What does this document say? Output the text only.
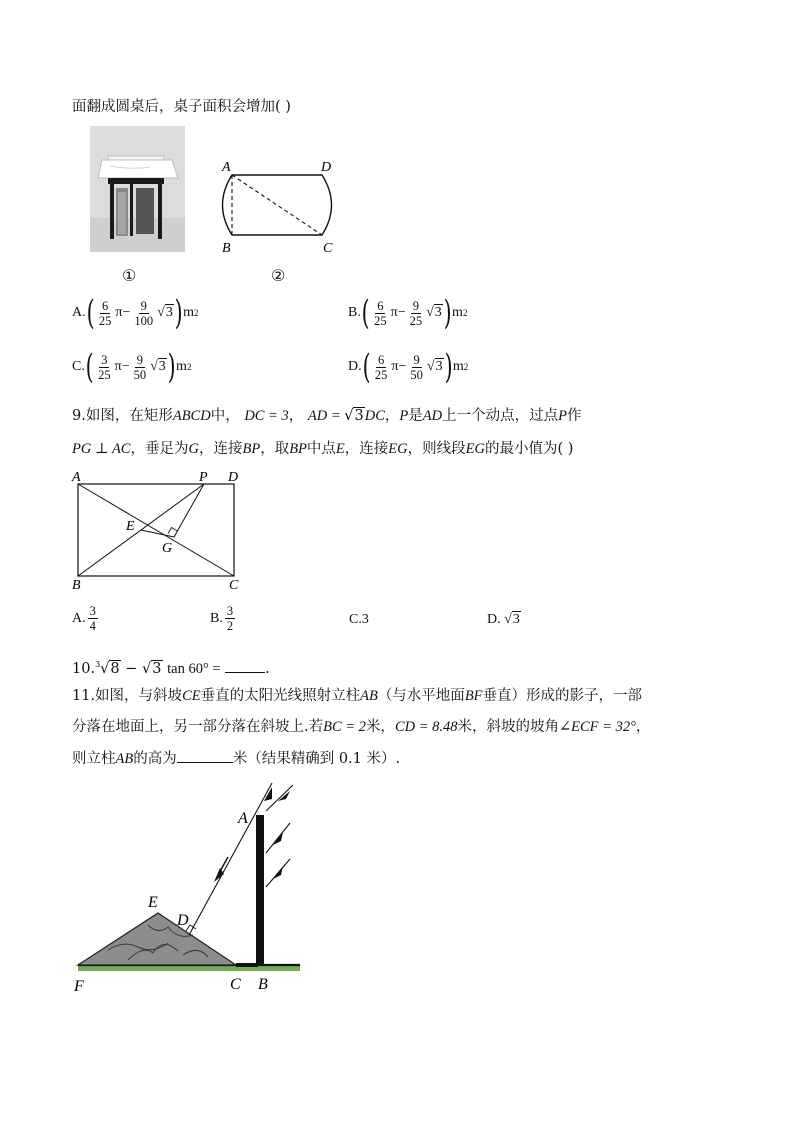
面翻成圆桌后，桌子面积会增加( )
A	D
B	C
①	②
A. ( $\frac{6}{25}$ $\pi - \frac{9}{100} √3$ ) m 2	B. ( $\frac{6}{25}$ $\pi - \frac{9}{25} √3$ ) m 2
C. ( $\frac{3}{25}$ $\pi - \frac{9}{50} √3$ ) m 2	D. ( $\frac{6}{25}$ $\pi - \frac{9}{50} √3$ ) m 2
9.如图，在矩形ABCD中， DC = 3， AD = √3DC，P是AD上一个动点，过点P作
PG ⊥ AC，垂足为G，连接BP，取BP中点E，连接EG，则线段EG的最小值为( )
A	P D
E
G
B	C
A. $\frac{3}{4}$	B. $\frac{3}{2}$	C.3	D. √3
10.$^3$√8 − √3 tan 60° =	.
11.如图，与斜坡CE垂直的太阳光线照射立柱AB（与水平地面BF垂直）形成的影子，一部
分落在地面上，另一部分落在斜坡上.若BC = 2米，CD = 8.48米，斜坡的坡角∠ECF = 32°，
则立柱AB的高为	米（结果精确到 0.1 米）.
A
E
D
F	C B
